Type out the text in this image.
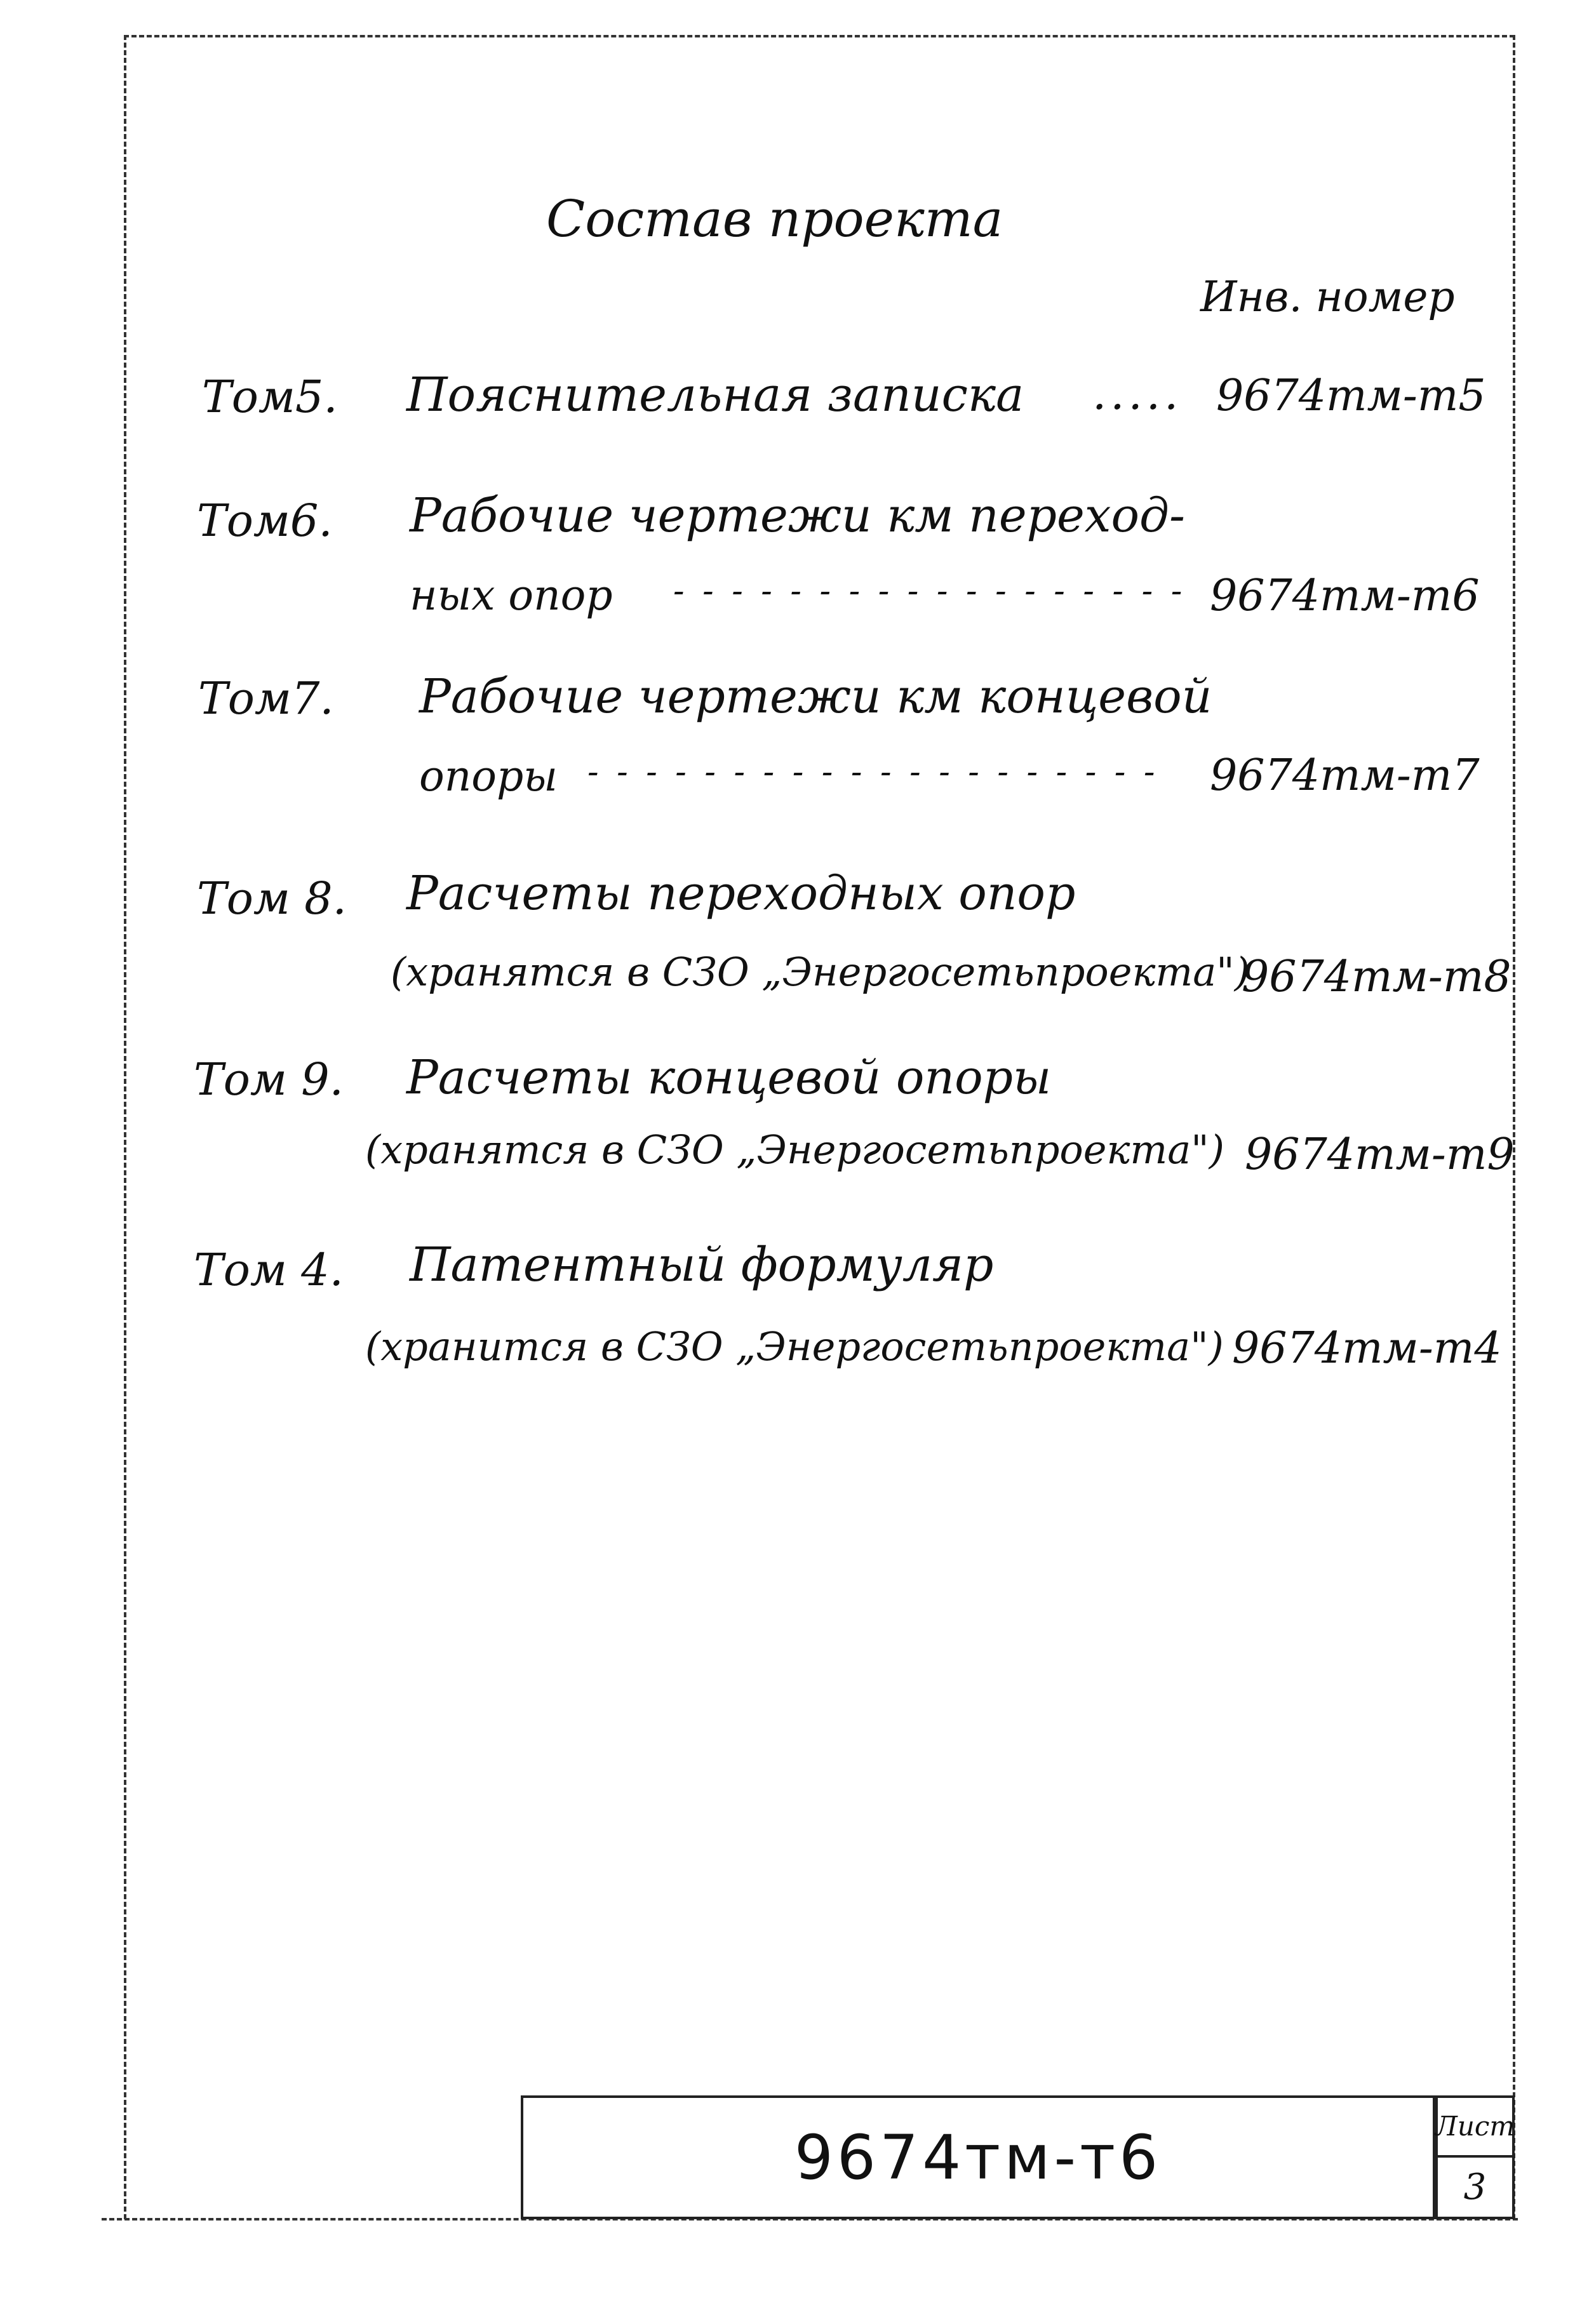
Состав проекта
Инв. номер
Том5. Пояснительная записка ..... 9674тм-т5
Том6. Рабочие чертежи км переход-
ных опор - - - - - - - - - - - - - - - - - - 9674тм-т6
Том7. Рабочие чертежи км концевой
опоры - - - - - - - - - - - - - - - - - - - - 9674тм-т7
Том 8. Расчеты переходных опор
(хранятся в СЗО „Энергосетьпроекта")
9674тм-т8
Том 9. Расчеты концевой опоры
(хранятся в СЗО „Энергосетьпроекта") 9674тм-т9
Том 4. Патентный формуляр
(хранится в СЗО „Энергосетьпроекта") 9674тм-т4
9674тм-т6	Лист
3
